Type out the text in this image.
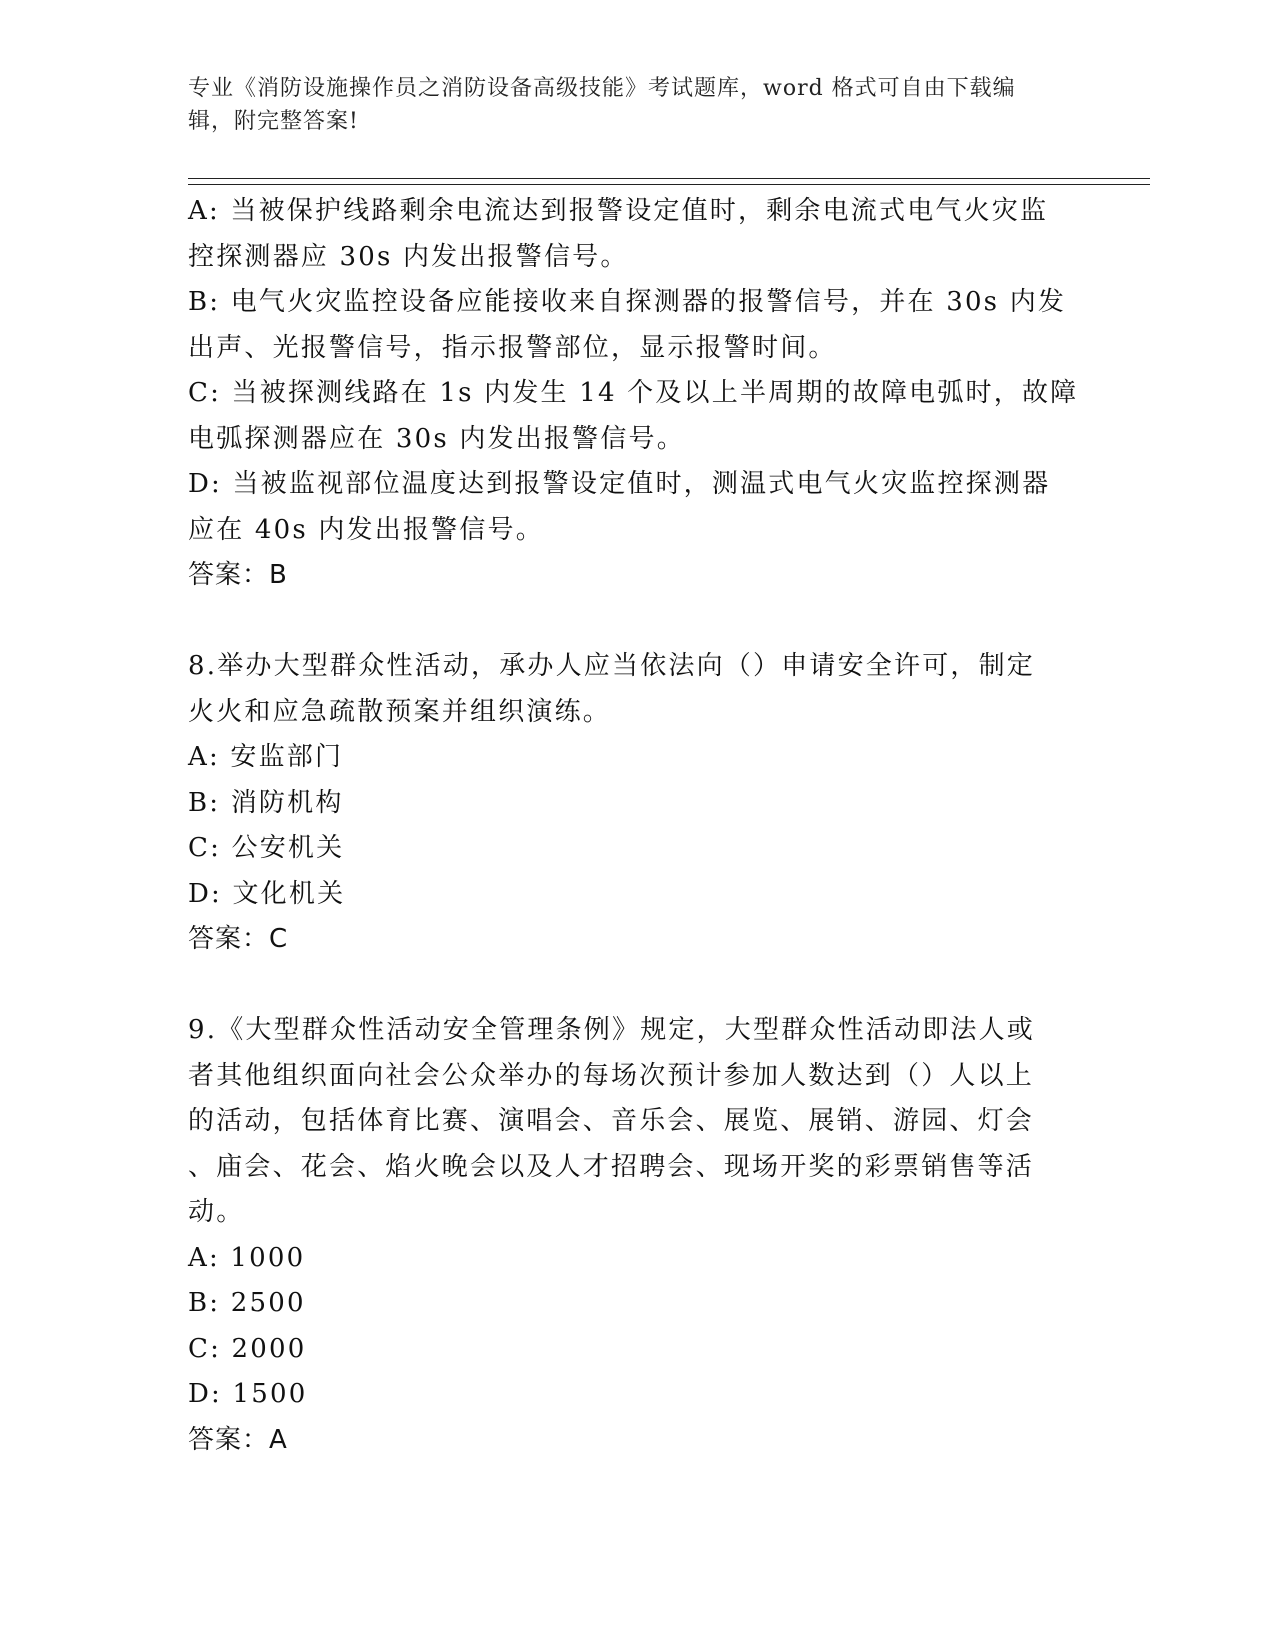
专业《消防设施操作员之消防设备高级技能》考试题库，word 格式可自由下载编
辑，附完整答案!
A: 当被保护线路剩余电流达到报警设定值时，剩余电流式电气火灾监
控探测器应 30s 内发出报警信号。
B: 电气火灾监控设备应能接收来自探测器的报警信号，并在 30s 内发
出声、光报警信号，指示报警部位，显示报警时间。
C: 当被探测线路在 1s 内发生 14 个及以上半周期的故障电弧时，故障
电弧探测器应在 30s 内发出报警信号。
D: 当被监视部位温度达到报警设定值时，测温式电气火灾监控探测器
应在 40s 内发出报警信号。
答案：B
8.举办大型群众性活动，承办人应当依法向（）申请安全许可，制定
火火和应急疏散预案并组织演练。
A: 安监部门
B: 消防机构
C: 公安机关
D: 文化机关
答案：C
9.《大型群众性活动安全管理条例》规定，大型群众性活动即法人或
者其他组织面向社会公众举办的每场次预计参加人数达到（）人以上
的活动，包括体育比赛、演唱会、音乐会、展览、展销、游园、灯会
、庙会、花会、焰火晚会以及人才招聘会、现场开奖的彩票销售等活
动。
A: 1000
B: 2500
C: 2000
D: 1500
答案：A
